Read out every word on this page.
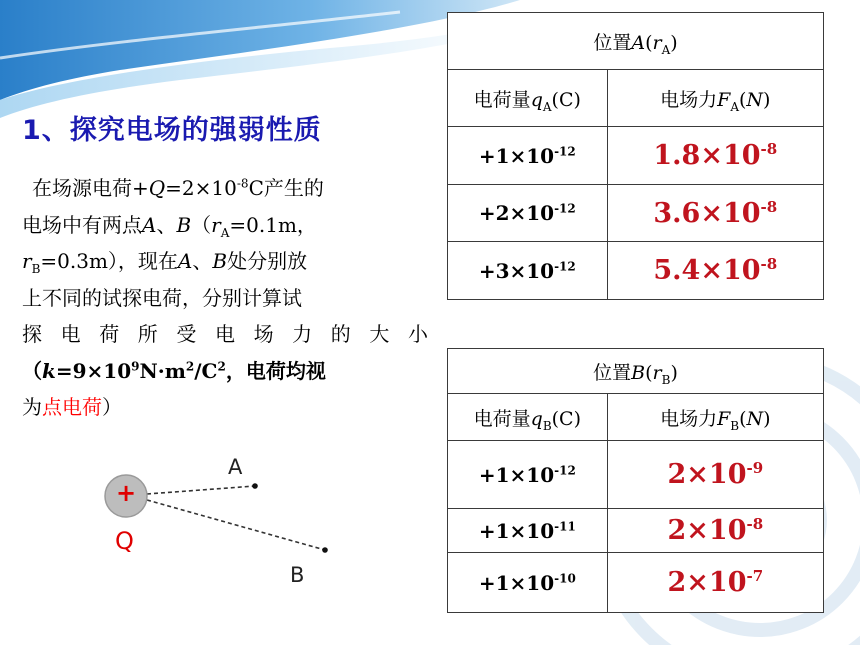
1、探究电场的强弱性质
在场源电荷$+Q=2\times 10^{-8}C$产生的
电场中有两点A、$B(r_A=0.1m$，
$r_B=0.3m$），现在A、B处分别放
上不同的试探电荷，分别计算试
探 电 荷 所 受 电 场 力 的 大 小
（$k=9\times 10^9N\cdot m^2/C^2$，电荷均视
为 点电荷 ）
位置$A(r_A)$	
电荷量$q_A(C)$	电场力$F_A(N)$
$+1\times 10^{-12}$	$1.8\times 10^{-8}$
$+2\times 10^{-12}$	$3.6\times 10^{-8}$
$+3\times 10^{-12}$	$5.4\times 10^{-8}$
位置$B(r_B)$	
电荷量$q_B(C)$	电场力$F_B(N)$
$+1\times 10^{-12}$	$2\times 10^{-9}$
$+1\times 10^{-11}$	$2\times 10^{-8}$
$+1\times 10^{-10}$	$2\times 10^{-7}$
+
Q
A
B
